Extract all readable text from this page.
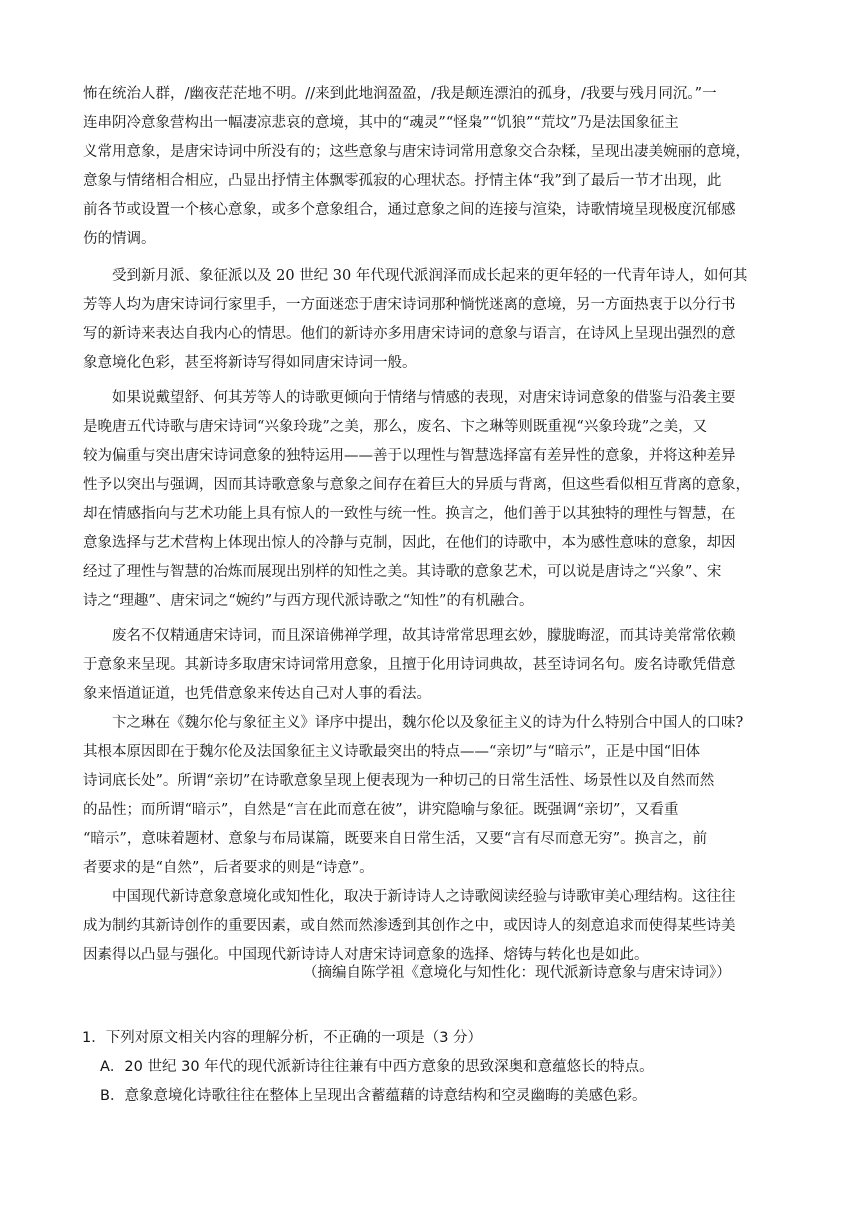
怖在统治人群，/幽夜茫茫地不明。//来到此地润盈盈，/我是颠连漂泊的孤身，/我要与残月同沉。”一
连串阴冷意象营构出一幅凄凉悲哀的意境，其中的“魂灵”“怪枭”“饥狼”“荒坟”乃是法国象征主
义常用意象，是唐宋诗词中所没有的；这些意象与唐宋诗词常用意象交合杂糅，呈现出凄美婉丽的意境，
意象与情绪相合相应，凸显出抒情主体飘零孤寂的心理状态。抒情主体“我”到了最后一节才出现，此
前各节或设置一个核心意象，或多个意象组合，通过意象之间的连接与渲染，诗歌情境呈现极度沉郁感
伤的情调。
受到新月派、象征派以及 20 世纪 30 年代现代派润泽而成长起来的更年轻的一代青年诗人，如何其
芳等人均为唐宋诗词行家里手，一方面迷恋于唐宋诗词那种惝恍迷离的意境，另一方面热衷于以分行书
写的新诗来表达自我内心的情思。他们的新诗亦多用唐宋诗词的意象与语言，在诗风上呈现出强烈的意
象意境化色彩，甚至将新诗写得如同唐宋诗词一般。
如果说戴望舒、何其芳等人的诗歌更倾向于情绪与情感的表现，对唐宋诗词意象的借鉴与沿袭主要
是晚唐五代诗歌与唐宋诗词“兴象玲珑”之美，那么，废名、卞之琳等则既重视“兴象玲珑”之美，又
较为偏重与突出唐宋诗词意象的独特运用——善于以理性与智慧选择富有差异性的意象，并将这种差异
性予以突出与强调，因而其诗歌意象与意象之间存在着巨大的异质与背离，但这些看似相互背离的意象，
却在情感指向与艺术功能上具有惊人的一致性与统一性。换言之，他们善于以其独特的理性与智慧，在
意象选择与艺术营构上体现出惊人的冷静与克制，因此，在他们的诗歌中，本为感性意味的意象，却因
经过了理性与智慧的冶炼而展现出别样的知性之美。其诗歌的意象艺术，可以说是唐诗之“兴象”、宋
诗之“理趣”、唐宋词之“婉约”与西方现代派诗歌之“知性”的有机融合。
废名不仅精通唐宋诗词，而且深谙佛禅学理，故其诗常常思理玄妙，朦胧晦涩，而其诗美常常依赖
于意象来呈现。其新诗多取唐宋诗词常用意象，且擅于化用诗词典故，甚至诗词名句。废名诗歌凭借意
象来悟道证道，也凭借意象来传达自己对人事的看法。
卞之琳在《魏尔伦与象征主义》译序中提出，魏尔伦以及象征主义的诗为什么特别合中国人的口味?
其根本原因即在于魏尔伦及法国象征主义诗歌最突出的特点——“亲切”与“暗示”，正是中国“旧体
诗词底长处”。所谓“亲切”在诗歌意象呈现上便表现为一种切己的日常生活性、场景性以及自然而然
的品性；而所谓“暗示”，自然是“言在此而意在彼”，讲究隐喻与象征。既强调“亲切”，又看重
“暗示”，意味着题材、意象与布局谋篇，既要来自日常生活，又要“言有尽而意无穷”。换言之，前
者要求的是“自然”，后者要求的则是“诗意”。
中国现代新诗意象意境化或知性化，取决于新诗诗人之诗歌阅读经验与诗歌审美心理结构。这往往
成为制约其新诗创作的重要因素，或自然而然渗透到其创作之中，或因诗人的刻意追求而使得某些诗美
因素得以凸显与强化。中国现代新诗诗人对唐宋诗词意象的选择、熔铸与转化也是如此。
（摘编自陈学祖《意境化与知性化：现代派新诗意象与唐宋诗词》）
1．下列对原文相关内容的理解分析，不正确的一项是（3 分）
A．20 世纪 30 年代的现代派新诗往往兼有中西方意象的思致深奥和意蕴悠长的特点。
B．意象意境化诗歌往往在整体上呈现出含蓄蕴藉的诗意结构和空灵幽晦的美感色彩。
